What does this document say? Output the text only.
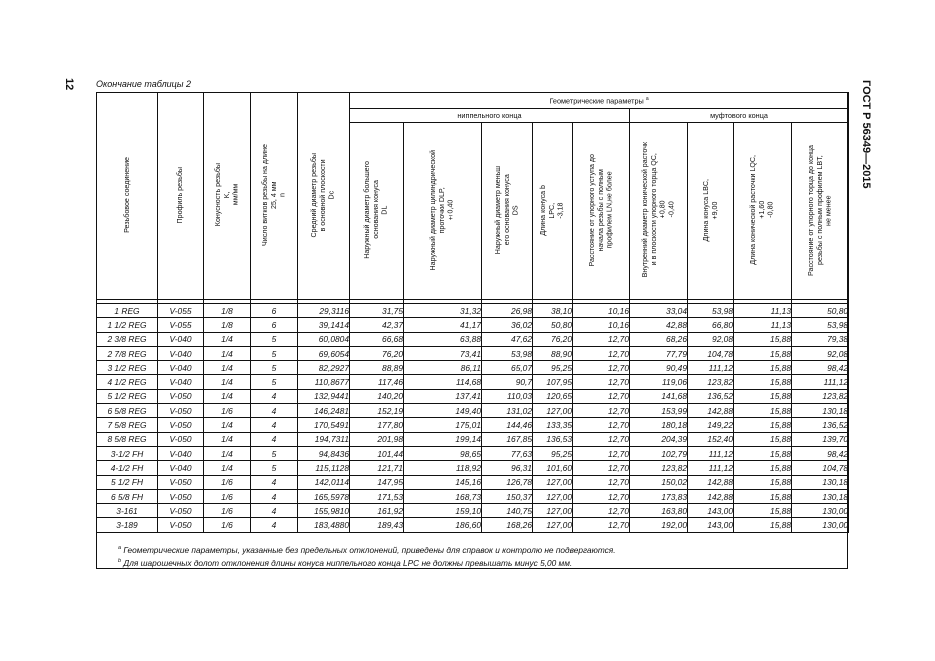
12 Окончание таблицы 2	ГОСТ Р 56349—2015
Резьбовое соединение	Профиль резьбы	Конусность резьбы
K,
мм/мм	Число витков резьбы на длине
25, 4 мм
n	Средний диаметр резьбы
в основной плоскости
Dс	Геометрические параметры $^а$
					ниппельного конца					муфтового конца			
					Наружный диаметр большего
основания конуса
DL	Наружный диаметр цилиндрической
проточки DLP,
±0,40	Наружный диаметр меньш
его основания конуса
DS	Длина конуса b
LPC,
-3,18	Расстояние от упорного уступа до
начала резьбы с полным
профилем LN,не более	Внутренний диаметр конической расточк
и в плоскости упорного торца QC,
+0,80
-0,40	Длина конуса LBC,
+9,00	Длина конической расточки LQC,
+1,60
-0,80	Расстояние от упорного торца до конца
резьбы с полным профилем LBT,
не менее

1 REG	V-055	1/8	6	29,3116	31,75	31,32	26,98	38,10	10,16	33,04	53,98	11,13	50,80
1 1/2 REG	V-055	1/8	6	39,1414	42,37	41,17	36,02	50,80	10,16	42,88	66,80	11,13	53,98
2 3/8 REG	V-040	1/4	5	60,0804	66,68	63,88	47,62	76,20	12,70	68,26	92,08	15,88	79,38
2 7/8 REG	V-040	1/4	5	69,6054	76,20	73,41	53,98	88,90	12,70	77,79	104,78	15,88	92,08
3 1/2 REG	V-040	1/4	5	82,2927	88,89	86,11	65,07	95,25	12,70	90,49	111,12	15,88	98,42
4 1/2 REG	V-040	1/4	5	110,8677	117,46	114,68	90,7	107,95	12,70	119,06	123,82	15,88	111,12
5 1/2 REG	V-050	1/4	4	132,9441	140,20	137,41	110,03	120,65	12,70	141,68	136,52	15,88	123,82
6 5/8 REG	V-050	1/6	4	146,2481	152,19	149,40	131,02	127,00	12,70	153,99	142,88	15,88	130,18
7 5/8 REG	V-050	1/4	4	170,5491	177,80	175,01	144,46	133,35	12,70	180,18	149,22	15,88	136,52
8 5/8 REG	V-050	1/4	4	194,7311	201,98	199,14	167,85	136,53	12,70	204,39	152,40	15,88	139,70
3-1/2 FH	V-040	1/4	5	94,8436	101,44	98,65	77,63	95,25	12,70	102,79	111,12	15,88	98,42
4-1/2 FH	V-040	1/4	5	115,1128	121,71	118,92	96,31	101,60	12,70	123,82	111,12	15,88	104,78
5 1/2 FH	V-050	1/6	4	142,0114	147,95	145,16	126,78	127,00	12,70	150,02	142,88	15,88	130,18
6 5/8 FH	V-050	1/6	4	165,5978	171,53	168,73	150,37	127,00	12,70	173,83	142,88	15,88	130,18
3-161	V-050	1/6	4	155,9810	161,92	159,10	140,75	127,00	12,70	163,80	143,00	15,88	130,00
3-189	V-050	1/6	4	183,4880	189,43	186,60	168,26	127,00	12,70	192,00	143,00	15,88	130,00
$^а$ Геометрические параметры, указанные без предельных отклонений, приведены для справок и контролю не подвергаются.
$^b$ Для шарошечных долот отклонения длины конуса ниппельного конца LPC не должны превышать минус 5,00 мм.
